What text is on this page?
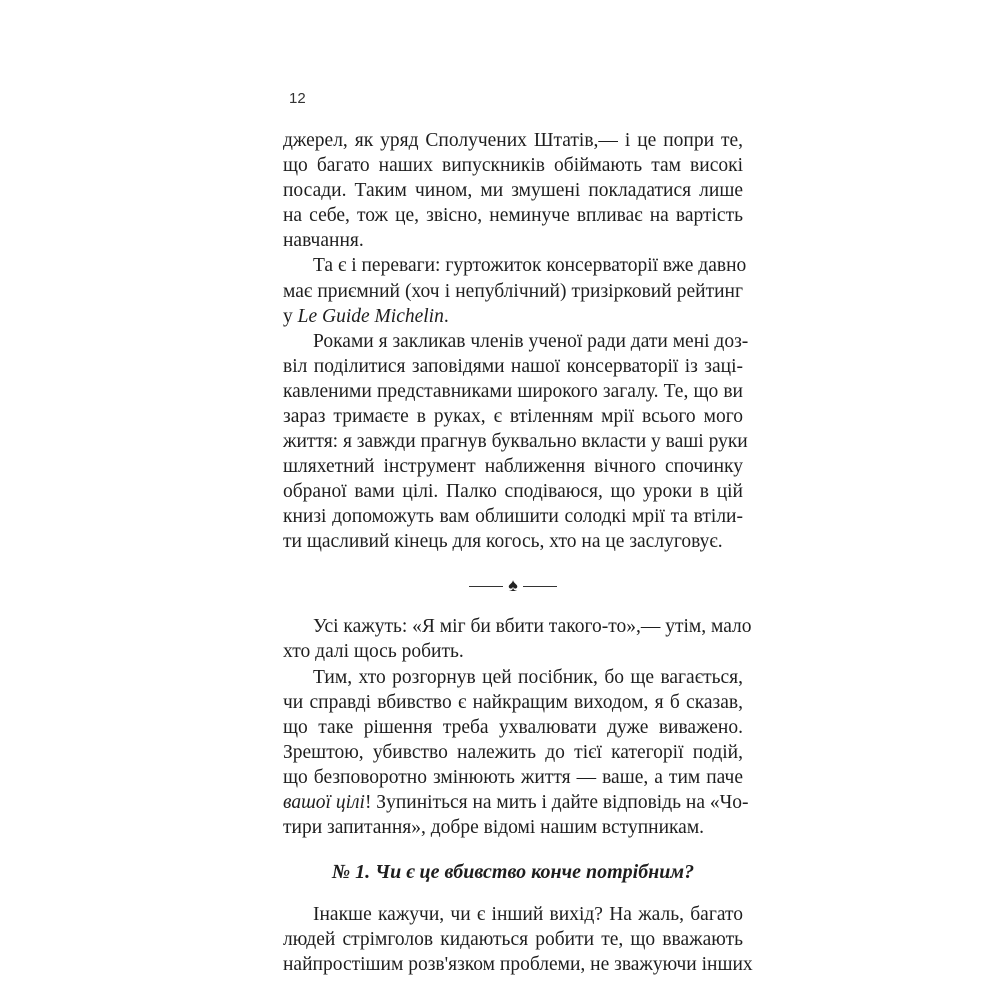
12
джерел, як уряд Сполучених Штатів,— і це попри те,
що багато наших випускників обіймають там високі
посади. Таким чином, ми змушені покладатися лише
на себе, тож це, звісно, неминуче впливає на вартість
навчання.
Та є і переваги: гуртожиток консерваторії вже давно
має приємний (хоч і непублічний) тризірковий рейтинг
у Le Guide Michelin.
Роками я закликав членів ученої ради дати мені доз-
віл поділитися заповідями нашої консерваторії із заці-
кавленими представниками широкого загалу. Те, що ви
зараз тримаєте в руках, є втіленням мрії всього мого
життя: я завжди прагнув буквально вкласти у ваші руки
шляхетний інструмент наближення вічного спочинку
обраної вами цілі. Палко сподіваюся, що уроки в цій
книзі допоможуть вам облишити солодкі мрії та втіли-
ти щасливий кінець для когось, хто на це заслуговує.
♠
Усі кажуть: «Я міг би вбити такого-то»,— утім, мало
хто далі щось робить.
Тим, хто розгорнув цей посібник, бо ще вагається,
чи справді вбивство є найкращим виходом, я б сказав,
що таке рішення треба ухвалювати дуже виважено.
Зрештою, убивство належить до тієї категорії подій,
що безповоротно змінюють життя — ваше, а тим паче
вашої цілі! Зупиніться на мить і дайте відповідь на «Чо-
тири запитання», добре відомі нашим вступникам.
№ 1. Чи є це вбивство конче потрібним?
Інакше кажучи, чи є інший вихід? На жаль, багато
людей стрімголов кидаються робити те, що вважають
найпростішим розв'язком проблеми, не зважуючи інших
